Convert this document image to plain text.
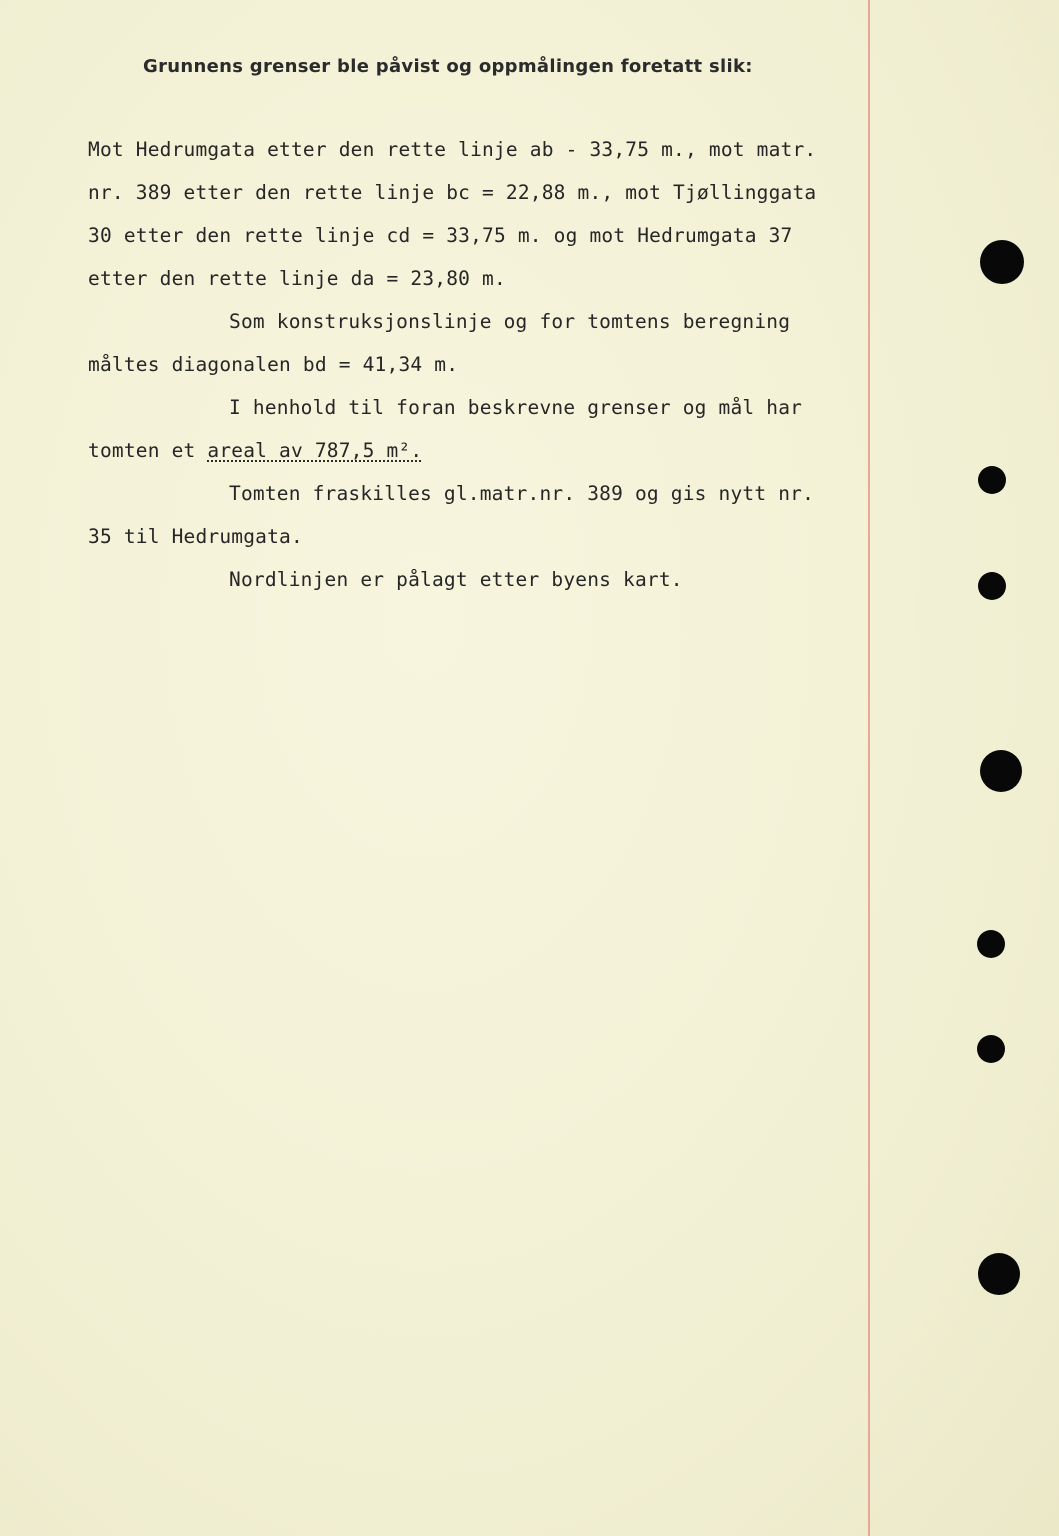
Grunnens grenser ble påvist og oppmålingen foretatt slik:
Mot Hedrumgata etter den rette linje ab - 33,75 m., mot matr.
nr. 389 etter den rette linje bc = 22,88 m., mot Tjøllinggata
30 etter den rette linje cd = 33,75 m. og mot Hedrumgata 37
etter den rette linje da = 23,80 m.
Som konstruksjonslinje og for tomtens beregning
måltes diagonalen bd = 41,34 m.
I henhold til foran beskrevne grenser og mål har
tomten et areal av 787,5 m².
Tomten fraskilles gl.matr.nr. 389 og gis nytt nr.
35 til Hedrumgata.
Nordlinjen er pålagt etter byens kart.
